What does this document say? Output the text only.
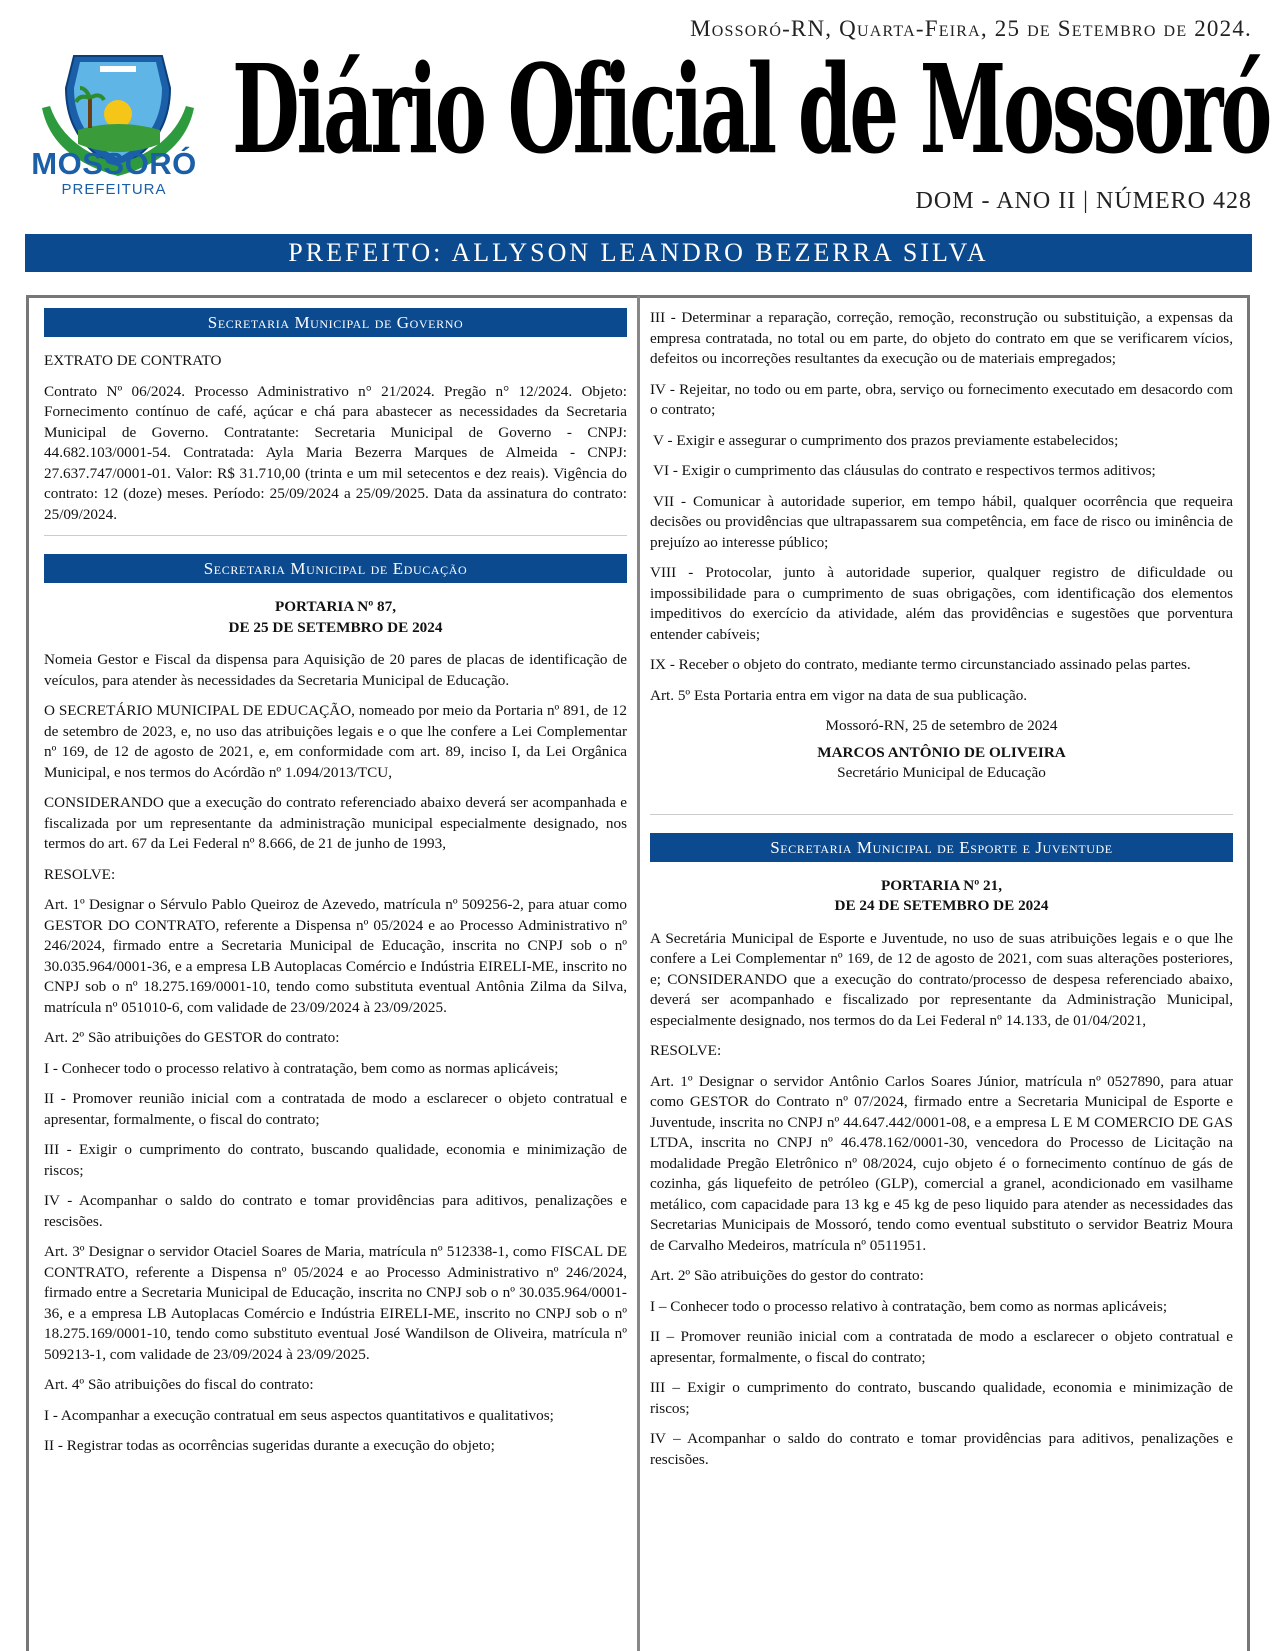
Mossoró-RN, Quarta-Feira, 25 de Setembro de 2024.
MOSSORÓ
PREFEITURA
Diário Oficial de Mossoró
DOM - ANO II | NÚMERO 428
PREFEITO: ALLYSON LEANDRO BEZERRA SILVA
Secretaria Municipal de Governo

EXTRATO DE CONTRATO

Contrato Nº 06/2024. Processo Administrativo n° 21/2024. Pregão n° 12/2024. Objeto: Fornecimento contínuo de café, açúcar e chá para abastecer as necessidades da Secretaria Municipal de Governo. Contratante: Secretaria Municipal de Governo - CNPJ: 44.682.103/0001-54. Contratada: Ayla Maria Bezerra Marques de Almeida - CNPJ: 27.637.747/0001-01. Valor: R$ 31.710,00 (trinta e um mil setecentos e dez reais). Vigência do contrato: 12 (doze) meses. Período: 25/09/2024 a 25/09/2025. Data da assinatura do contrato: 25/09/2024.

Secretaria Municipal de Educação
PORTARIA Nº 87,

DE 25 DE SETEMBRO DE 2024

Nomeia Gestor e Fiscal da dispensa para Aquisição de 20 pares de placas de identificação de veículos, para atender às necessidades da Secretaria Municipal de Educação.

O SECRETÁRIO MUNICIPAL DE EDUCAÇÃO, nomeado por meio da Portaria nº 891, de 12 de setembro de 2023, e, no uso das atribuições legais e o que lhe confere a Lei Complementar nº 169, de 12 de agosto de 2021, e, em conformidade com art. 89, inciso I, da Lei Orgânica Municipal, e nos termos do Acórdão nº 1.094/2013/TCU,

CONSIDERANDO que a execução do contrato referenciado abaixo deverá ser acompanhada e fiscalizada por um representante da administração municipal especialmente designado, nos termos do art. 67 da Lei Federal nº 8.666, de 21 de junho de 1993,

RESOLVE:

Art. 1º Designar o Sérvulo Pablo Queiroz de Azevedo, matrícula nº 509256-2, para atuar como GESTOR DO CONTRATO, referente a Dispensa nº 05/2024 e ao Processo Administrativo nº 246/2024, firmado entre a Secretaria Municipal de Educação, inscrita no CNPJ sob o nº 30.035.964/0001-36, e a empresa LB Autoplacas Comércio e Indústria EIRELI-ME, inscrito no CNPJ sob o nº 18.275.169/0001-10, tendo como substituta eventual Antônia Zilma da Silva, matrícula nº 051010-6, com validade de 23/09/2024 à 23/09/2025.

Art. 2º São atribuições do GESTOR do contrato:

I - Conhecer todo o processo relativo à contratação, bem como as normas aplicáveis;

II - Promover reunião inicial com a contratada de modo a esclarecer o objeto contratual e apresentar, formalmente, o fiscal do contrato;

III - Exigir o cumprimento do contrato, buscando qualidade, economia e minimização de riscos;

IV - Acompanhar o saldo do contrato e tomar providências para aditivos, penalizações e rescisões.

Art. 3º Designar o servidor Otaciel Soares de Maria, matrícula nº 512338-1, como FISCAL DE CONTRATO, referente a Dispensa nº 05/2024 e ao Processo Administrativo nº 246/2024, firmado entre a Secretaria Municipal de Educação, inscrita no CNPJ sob o nº 30.035.964/0001-36, e a empresa LB Autoplacas Comércio e Indústria EIRELI-ME, inscrito no CNPJ sob o nº 18.275.169/0001-10, tendo como substituto eventual José Wandilson de Oliveira, matrícula nº 509213-1, com validade de 23/09/2024 à 23/09/2025.

Art. 4º São atribuições do fiscal do contrato:

I - Acompanhar a execução contratual em seus aspectos quantitativos e qualitativos;

II - Registrar todas as ocorrências sugeridas durante a execução do objeto;

III - Determinar a reparação, correção, remoção, reconstrução ou substituição, a expensas da empresa contratada, no total ou em parte, do objeto do contrato em que se verificarem vícios, defeitos ou incorreções resultantes da execução ou de materiais empregados;

IV - Rejeitar, no todo ou em parte, obra, serviço ou fornecimento executado em desacordo com o contrato;

V - Exigir e assegurar o cumprimento dos prazos previamente estabelecidos;

VI - Exigir o cumprimento das cláusulas do contrato e respectivos termos aditivos;

VII - Comunicar à autoridade superior, em tempo hábil, qualquer ocorrência que requeira decisões ou providências que ultrapassarem sua competência, em face de risco ou iminência de prejuízo ao interesse público;

VIII - Protocolar, junto à autoridade superior, qualquer registro de dificuldade ou impossibilidade para o cumprimento de suas obrigações, com identificação dos elementos impeditivos do exercício da atividade, além das providências e sugestões que porventura entender cabíveis;

IX - Receber o objeto do contrato, mediante termo circunstanciado assinado pelas partes.

Art. 5º Esta Portaria entra em vigor na data de sua publicação.

Mossoró-RN, 25 de setembro de 2024

MARCOS ANTÔNIO DE OLIVEIRA
Secretário Municipal de Educação
Secretaria Municipal de Esporte e Juventude
PORTARIA Nº 21,

DE 24 DE SETEMBRO DE 2024

A Secretária Municipal de Esporte e Juventude, no uso de suas atribuições legais e o que lhe confere a Lei Complementar nº 169, de 12 de agosto de 2021, com suas alterações posteriores, e; CONSIDERANDO que a execução do contrato/processo de despesa referenciado abaixo, deverá ser acompanhado e fiscalizado por representante da Administração Municipal, especialmente designado, nos termos do da Lei Federal nº 14.133, de 01/04/2021,

RESOLVE:

Art. 1º Designar o servidor Antônio Carlos Soares Júnior, matrícula nº 0527890, para atuar como GESTOR do Contrato nº 07/2024, firmado entre a Secretaria Municipal de Esporte e Juventude, inscrita no CNPJ nº 44.647.442/0001-08, e a empresa L E M COMERCIO DE GAS LTDA, inscrita no CNPJ nº 46.478.162/0001-30, vencedora do Processo de Licitação na modalidade Pregão Eletrônico nº 08/2024, cujo objeto é o fornecimento contínuo de gás de cozinha, gás liquefeito de petróleo (GLP), comercial a granel, acondicionado em vasilhame metálico, com capacidade para 13 kg e 45 kg de peso liquido para atender as necessidades das Secretarias Municipais de Mossoró, tendo como eventual substituto o servidor Beatriz Moura de Carvalho Medeiros, matrícula nº 0511951.

Art. 2º São atribuições do gestor do contrato:

I – Conhecer todo o processo relativo à contratação, bem como as normas aplicáveis;

II – Promover reunião inicial com a contratada de modo a esclarecer o objeto contratual e apresentar, formalmente, o fiscal do contrato;

III – Exigir o cumprimento do contrato, buscando qualidade, economia e minimização de riscos;

IV – Acompanhar o saldo do contrato e tomar providências para aditivos, penalizações e rescisões.
